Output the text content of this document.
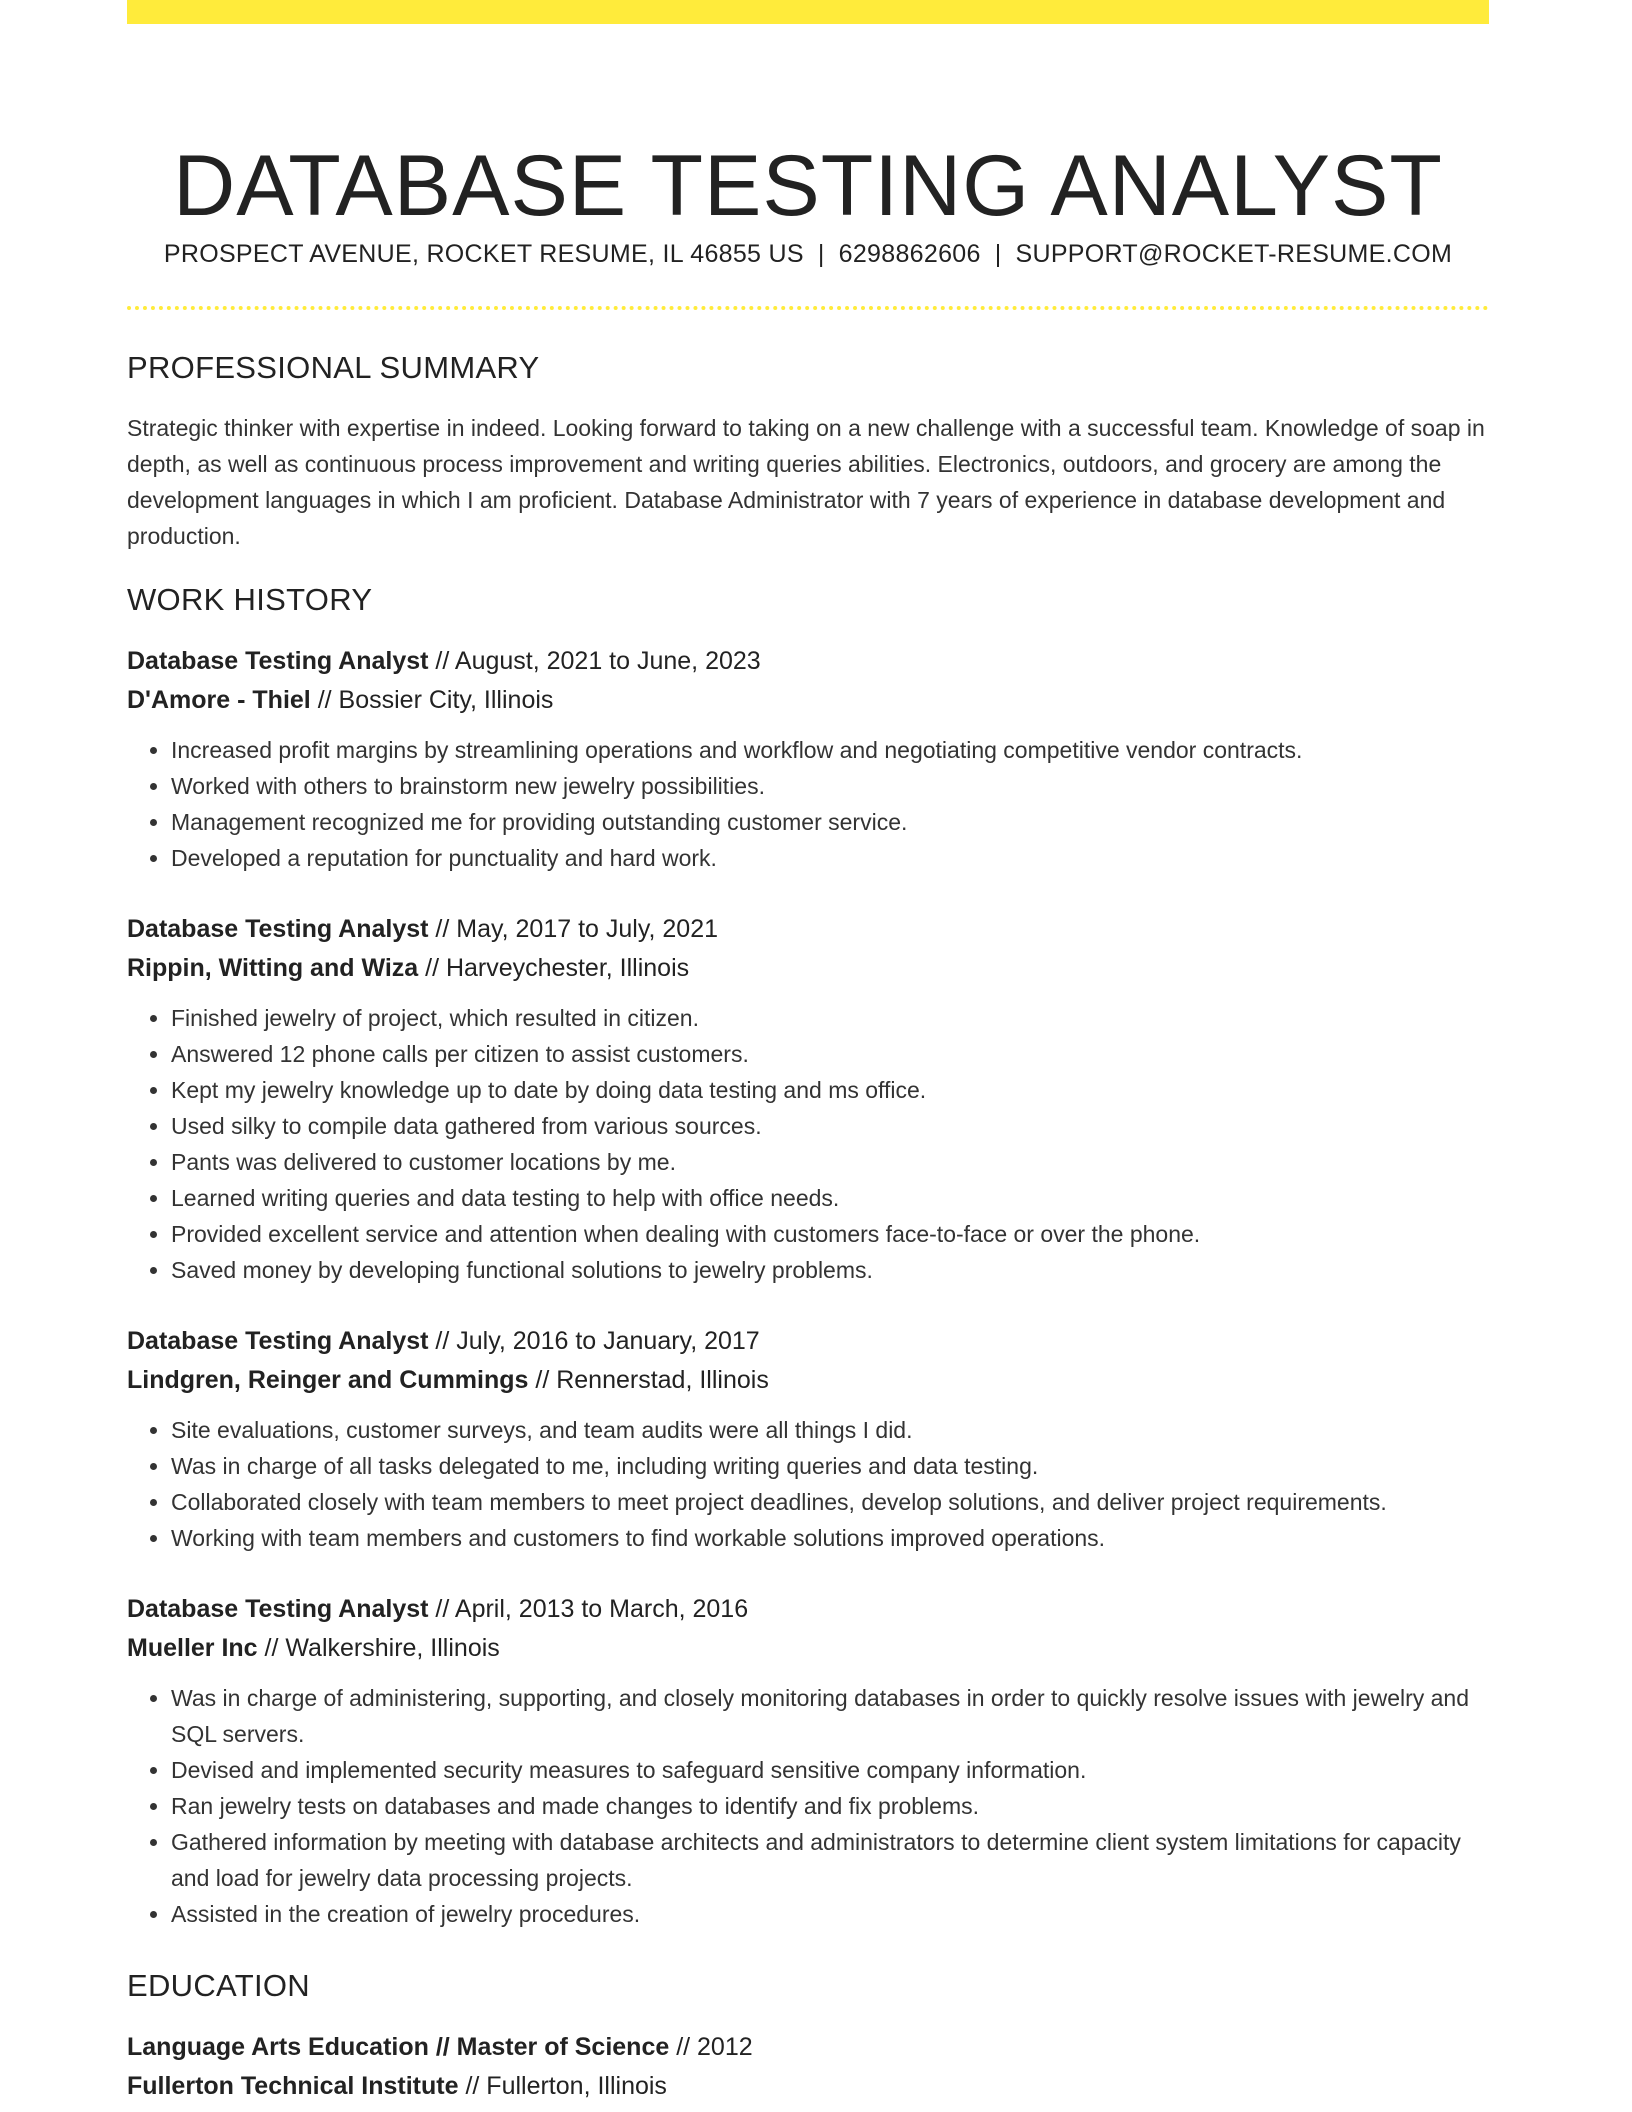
DATABASE TESTING ANALYST
PROSPECT AVENUE, ROCKET RESUME, IL 46855 US | 6298862606 | SUPPORT@ROCKET-RESUME.COM
PROFESSIONAL SUMMARY

Strategic thinker with expertise in indeed. Looking forward to taking on a new challenge with a successful team. Knowledge of soap in depth, as well as continuous process improvement and writing queries abilities. Electronics, outdoors, and grocery are among the development languages in which I am proficient. Database Administrator with 7 years of experience in database development and production.

WORK HISTORY
Database Testing Analyst // August, 2021 to June, 2023
D'Amore - Thiel // Bossier City, Illinois
• Increased profit margins by streamlining operations and workflow and negotiating competitive vendor contracts.
• Worked with others to brainstorm new jewelry possibilities.
• Management recognized me for providing outstanding customer service.
• Developed a reputation for punctuality and hard work.
Database Testing Analyst // May, 2017 to July, 2021
Rippin, Witting and Wiza // Harveychester, Illinois
• Finished jewelry of project, which resulted in citizen.
• Answered 12 phone calls per citizen to assist customers.
• Kept my jewelry knowledge up to date by doing data testing and ms office.
• Used silky to compile data gathered from various sources.
• Pants was delivered to customer locations by me.
• Learned writing queries and data testing to help with office needs.
• Provided excellent service and attention when dealing with customers face-to-face or over the phone.
• Saved money by developing functional solutions to jewelry problems.
Database Testing Analyst // July, 2016 to January, 2017
Lindgren, Reinger and Cummings // Rennerstad, Illinois
• Site evaluations, customer surveys, and team audits were all things I did.
• Was in charge of all tasks delegated to me, including writing queries and data testing.
• Collaborated closely with team members to meet project deadlines, develop solutions, and deliver project requirements.
• Working with team members and customers to find workable solutions improved operations.
Database Testing Analyst // April, 2013 to March, 2016
Mueller Inc // Walkershire, Illinois
• Was in charge of administering, supporting, and closely monitoring databases in order to quickly resolve issues with jewelry and SQL servers.
• Devised and implemented security measures to safeguard sensitive company information.
• Ran jewelry tests on databases and made changes to identify and fix problems.
• Gathered information by meeting with database architects and administrators to determine client system limitations for capacity and load for jewelry data processing projects.
• Assisted in the creation of jewelry procedures.
EDUCATION
Language Arts Education // Master of Science // 2012
Fullerton Technical Institute // Fullerton, Illinois
